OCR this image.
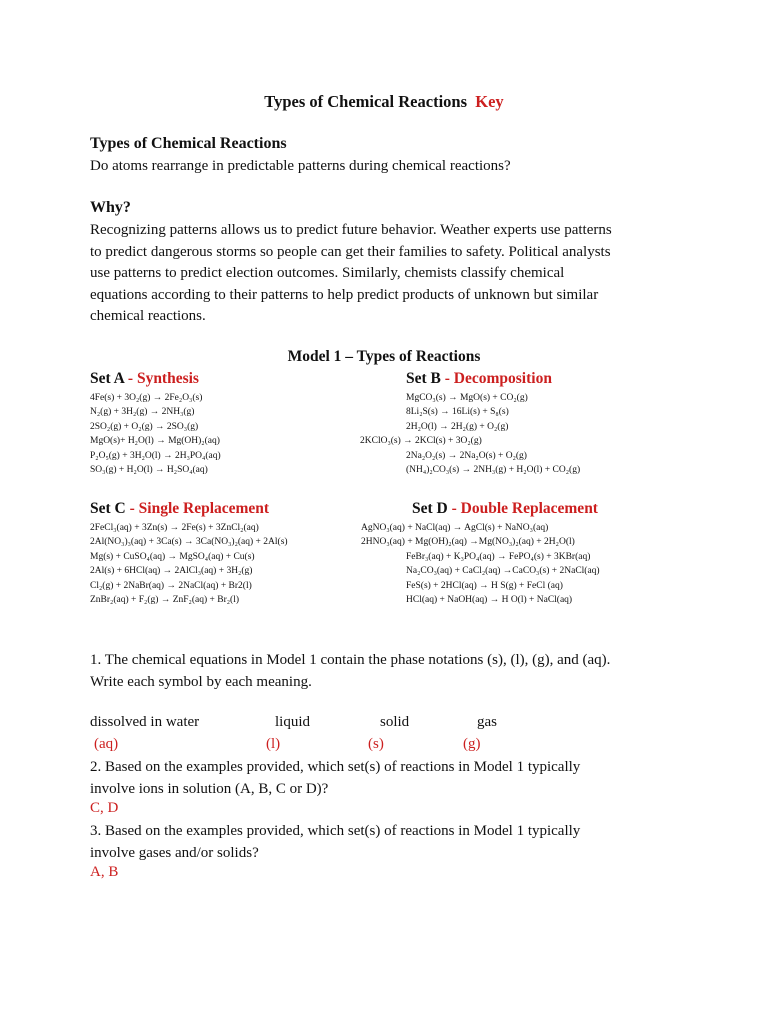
Types of Chemical Reactions Key
Types of Chemical Reactions
Do atoms rearrange in predictable patterns during chemical reactions?
Why?
Recognizing patterns allows us to predict future behavior. Weather experts use patterns
to predict dangerous storms so people can get their families to safety. Political analysts
use patterns to predict election outcomes. Similarly, chemists classify chemical
equations according to their patterns to help predict products of unknown but similar
chemical reactions.
Model 1 – Types of Reactions
Set A - Synthesis
4Fe(s) + 3O₂(g) → 2Fe₂O₃(s)
N₂(g) + 3H₂(g) → 2NH₃(g)
2SO₂(g) + O₂(g) → 2SO₃(g)
MgO(s)+ H₂O(l) → Mg(OH)₂(aq)
P₂O₅(g) + 3H₂O(l) → 2H₃PO₄(aq)
SO₃(g) + H₂O(l) → H₂SO₄(aq)
Set B - Decomposition
MgCO₃(s) → MgO(s) + CO₂(g)
8Li₂S(s) → 16Li(s) + S₈(s)
2H₂O(l) → 2H₂(g) + O₂(g)
2KClO₃(s) → 2KCl(s) + 3O₂(g)
2Na₂O₂(s) → 2Na₂O(s) + O₂(g)
(NH₄)₂CO₃(s) → 2NH₃(g) + H₂O(l) + CO₂(g)
Set C - Single Replacement
2FeCl₃(aq) + 3Zn(s) → 2Fe(s) + 3ZnCl₂(aq)
2Al(NO₃)₃(aq) + 3Ca(s) → 3Ca(NO₃)₂(aq) + 2Al(s)
Mg(s) + CuSO₄(aq) → MgSO₄(aq) + Cu(s)
2Al(s) + 6HCl(aq) → 2AlCl₃(aq) + 3H₂(g)
Cl₂(g) + 2NaBr(aq) → 2NaCl(aq) + Br2(l)
ZnBr₂(aq) + F₂(g) → ZnF₂(aq) + Br₂(l)
Set D - Double Replacement
AgNO₃(aq) + NaCl(aq) → AgCl(s) + NaNO₃(aq)
2HNO₃(aq) + Mg(OH)₂(aq) →Mg(NO₃)₂(aq) + 2H₂O(l)
FeBr₃(aq) + K₃PO₄(aq) → FePO₄(s) + 3KBr(aq)
Na₂CO₃(aq) + CaCl₂(aq) →CaCO₃(s) + 2NaCl(aq)
FeS(s) + 2HCl(aq) → H S(g) + FeCl (aq)
HCl(aq) + NaOH(aq) → H O(l) + NaCl(aq)
1. The chemical equations in Model 1 contain the phase notations (s), (l), (g), and (aq).
Write each symbol by each meaning.
dissolved in water	liquid	solid	gas
(aq)	(l)	(s)	(g)
2. Based on the examples provided, which set(s) of reactions in Model 1 typically
involve ions in solution (A, B, C or D)?
C, D
3. Based on the examples provided, which set(s) of reactions in Model 1 typically
involve gases and/or solids?
A, B
